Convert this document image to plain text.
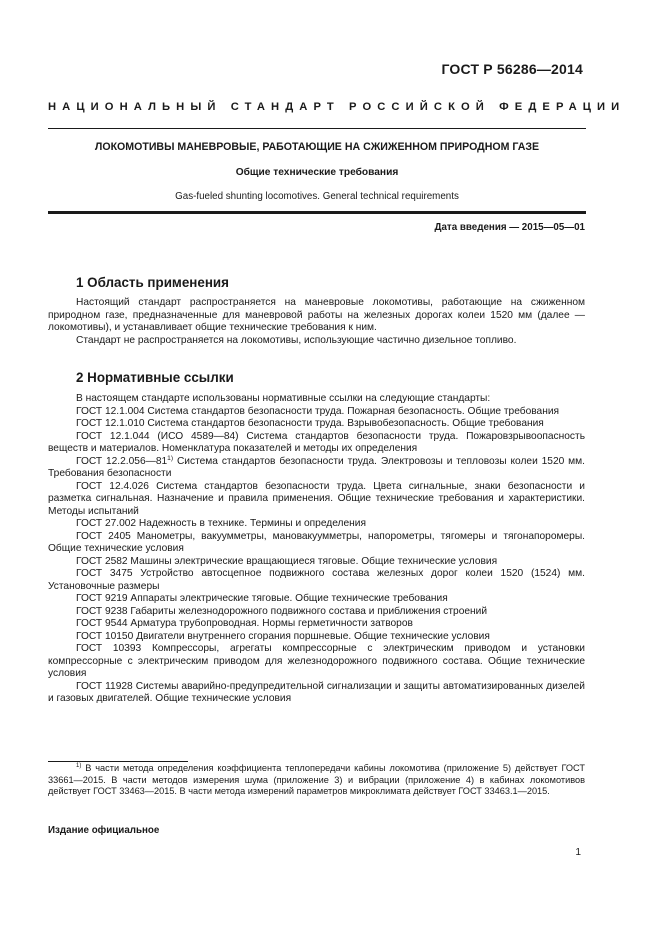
ГОСТ Р 56286—2014
НАЦИОНАЛЬНЫЙ СТАНДАРТ РОССИЙСКОЙ ФЕДЕРАЦИИ
ЛОКОМОТИВЫ МАНЕВРОВЫЕ, РАБОТАЮЩИЕ НА СЖИЖЕННОМ ПРИРОДНОМ ГАЗЕ
Общие технические требования
Gas-fueled shunting locomotives. General technical requirements
Дата введения — 2015—05—01
1 Область применения

Настоящий стандарт распространяется на маневровые локомотивы, работающие на сжиженном природном газе, предназначенные для маневровой работы на железных дорогах колеи 1520 мм (далее — локомотивы), и устанавливает общие технические требования к ним.

Стандарт не распространяется на локомотивы, использующие частично дизельное топливо.

2 Нормативные ссылки

В настоящем стандарте использованы нормативные ссылки на следующие стандарты:

ГОСТ 12.1.004 Система стандартов безопасности труда. Пожарная безопасность. Общие требования

ГОСТ 12.1.010 Система стандартов безопасности труда. Взрывобезопасность. Общие требования

ГОСТ 12.1.044 (ИСО 4589—84) Система стандартов безопасности труда. Пожаровзрывоопасность веществ и материалов. Номенклатура показателей и методы их определения

ГОСТ 12.2.056—81$^{1)}$ Система стандартов безопасности труда. Электровозы и тепловозы колеи 1520 мм. Требования безопасности

ГОСТ 12.4.026 Система стандартов безопасности труда. Цвета сигнальные, знаки безопасности и разметка сигнальная. Назначение и правила применения. Общие технические требования и характеристики. Методы испытаний

ГОСТ 27.002 Надежность в технике. Термины и определения

ГОСТ 2405 Манометры, вакуумметры, мановакуумметры, напорометры, тягомеры и тягонапоромеры. Общие технические условия

ГОСТ 2582 Машины электрические вращающиеся тяговые. Общие технические условия

ГОСТ 3475 Устройство автосцепное подвижного состава железных дорог колеи 1520 (1524) мм. Установочные размеры

ГОСТ 9219 Аппараты электрические тяговые. Общие технические требования

ГОСТ 9238 Габариты железнодорожного подвижного состава и приближения строений

ГОСТ 9544 Арматура трубопроводная. Нормы герметичности затворов

ГОСТ 10150 Двигатели внутреннего сгорания поршневые. Общие технические условия

ГОСТ 10393 Компрессоры, агрегаты компрессорные с электрическим приводом и установки компрессорные с электрическим приводом для железнодорожного подвижного состава. Общие технические условия

ГОСТ 11928 Системы аварийно-предупредительной сигнализации и защиты автоматизированных дизелей и газовых двигателей. Общие технические условия

$^{1)}$ В части метода определения коэффициента теплопередачи кабины локомотива (приложение 5) действует ГОСТ 33661—2015. В части методов измерения шума (приложение 3) и вибрации (приложение 4) в кабинах локомотивов действует ГОСТ 33463—2015. В части метода измерений параметров микроклимата действует ГОСТ 33463.1—2015.

Издание официальное
1
